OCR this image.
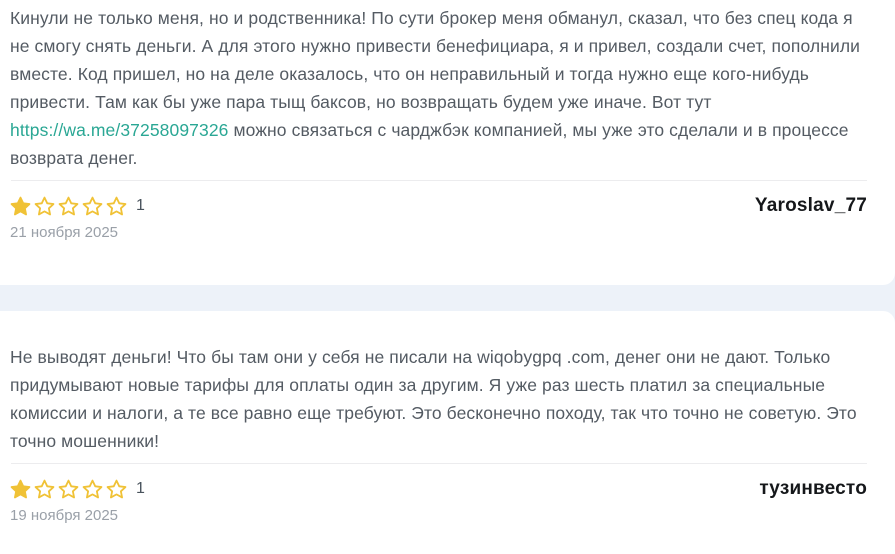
Кинули не только меня, но и родственника! По сути брокер меня обманул, сказал, что без спец кода я не смогу снять деньги. А для этого нужно привести бенефициара, я и привел, создали счет, пополнили вместе. Код пришел, но на деле оказалось, что он неправильный и тогда нужно еще кого-нибудь привести. Там как бы уже пара тыщ баксов, но возвращать будем уже иначе. Вот тут https://wa.me/37258097326 можно связаться с чарджбэк компанией, мы уже это сделали и в процессе возврата денег.

1	Yaroslav_77
21 ноября 2025

Не выводят деньги! Что бы там они у себя не писали на wiqobygpq .com, денег они не дают. Только придумывают новые тарифы для оплаты один за другим. Я уже раз шесть платил за специальные комиссии и налоги, а те все равно еще требуют. Это бесконечно походу, так что точно не советую. Это точно мошенники!

1	тузинвесто
19 ноября 2025
